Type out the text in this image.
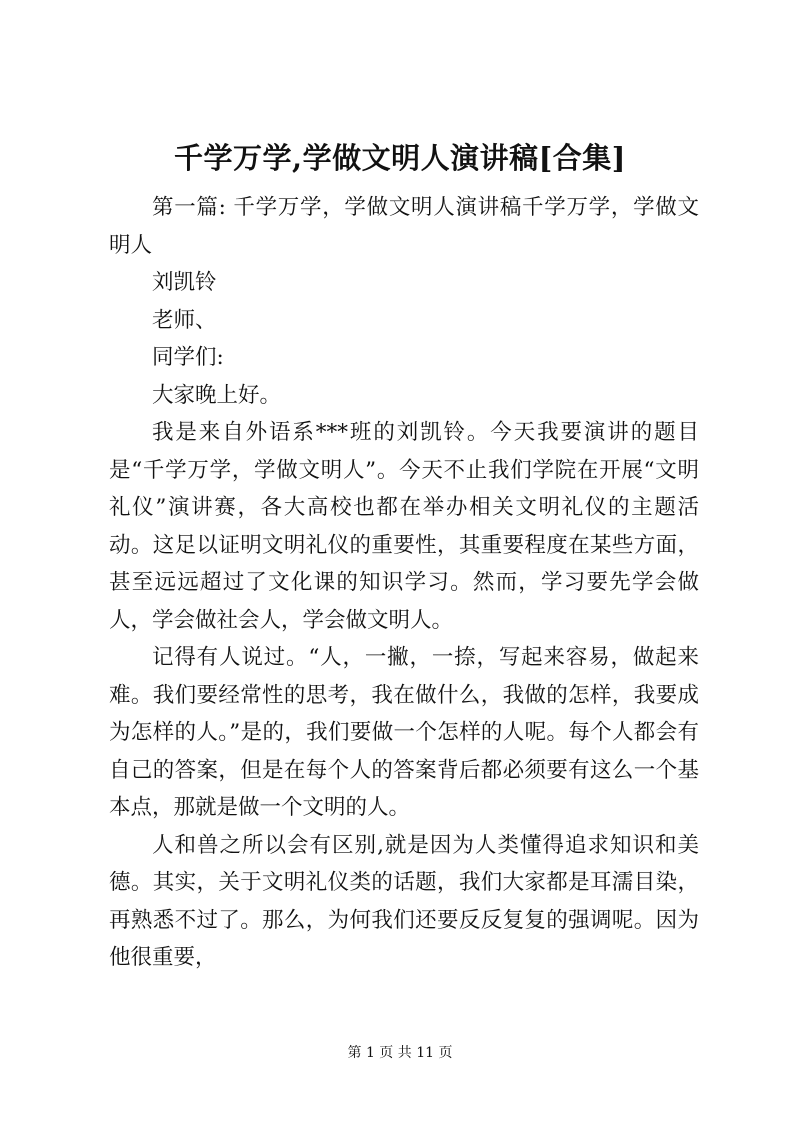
千学万学,学做文明人演讲稿[合集]

第一篇: 千学万学，学做文明人演讲稿千学万学，学做文明人

刘凯铃

老师、

同学们:

大家晚上好。

我是来自外语系***班的刘凯铃。今天我要演讲的题目是“千学万学，学做文明人”。今天不止我们学院在开展“文明礼仪”演讲赛，各大高校也都在举办相关文明礼仪的主题活动。这足以证明文明礼仪的重要性，其重要程度在某些方面，甚至远远超过了文化课的知识学习。然而，学习要先学会做人，学会做社会人，学会做文明人。

记得有人说过。“人，一撇，一捺，写起来容易，做起来难。我们要经常性的思考，我在做什么，我做的怎样，我要成为怎样的人。”是的，我们要做一个怎样的人呢。每个人都会有自己的答案，但是在每个人的答案背后都必须要有这么一个基本点，那就是做一个文明的人。

人和兽之所以会有区别,就是因为人类懂得追求知识和美德。其实，关于文明礼仪类的话题，我们大家都是耳濡目染，再熟悉不过了。那么，为何我们还要反反复复的强调呢。因为他很重要，

第 1 页 共 11 页
